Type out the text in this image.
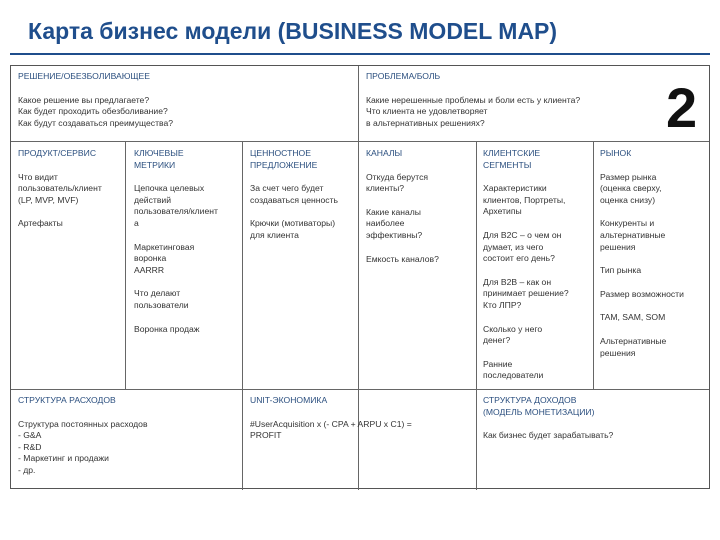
Карта бизнес модели (BUSINESS MODEL MAP)
РЕШЕНИЕ/ОБЕЗБОЛИВАЮЩЕЕ
Какое решение вы предлагаете?
Как будет проходить обезболивание?
Как будут создаваться преимущества?
ПРОБЛЕМА/БОЛЬ
Какие нерешенные проблемы и боли есть у клиента?
Что клиента не удовлетворяет
в альтернативных решениях?	2
ПРОДУКТ/СЕРВИС
Что видит
пользователь/клиент
(LP, MVP, MVF)
Артефакты
КЛЮЧЕВЫЕ
МЕТРИКИ
Цепочка целевых
действий
пользователя/клиент
а
Маркетинговая
воронка
AARRR
Что делают
пользователи
Воронка продаж
ЦЕННОСТНОЕ
ПРЕДЛОЖЕНИЕ
За счет чего будет
создаваться ценность
Крючки (мотиваторы)
для клиента
КАНАЛЫ
Откуда берутся
клиенты?
Какие каналы
наиболее
эффективны?
Емкость каналов?
КЛИЕНТСКИЕ
СЕГМЕНТЫ
Характеристики
клиентов, Портреты,
Архетипы
Для В2С – о чем он
думает, из чего
состоит его день?
Для В2В – как он
принимает решение?
Кто ЛПР?
Сколько у него
денег?
Ранние
последователи
РЫНОК
Размер рынка
(оценка сверху,
оценка снизу)
Конкуренты и
альтернативные
решения
Тип рынка
Размер возможности
TAM, SAM, SOM
Альтернативные
решения
СТРУКТУРА РАСХОДОВ
Структура постоянных расходов
- G&A
- R&D
- Маркетинг и продажи
- др.
UNIT-ЭКОНОМИКА
#UserAcquisition x (- CPA + ARPU x C1) =
PROFIT
СТРУКТУРА ДОХОДОВ
(МОДЕЛЬ МОНЕТИЗАЦИИ)
Как бизнес будет зарабатывать?
